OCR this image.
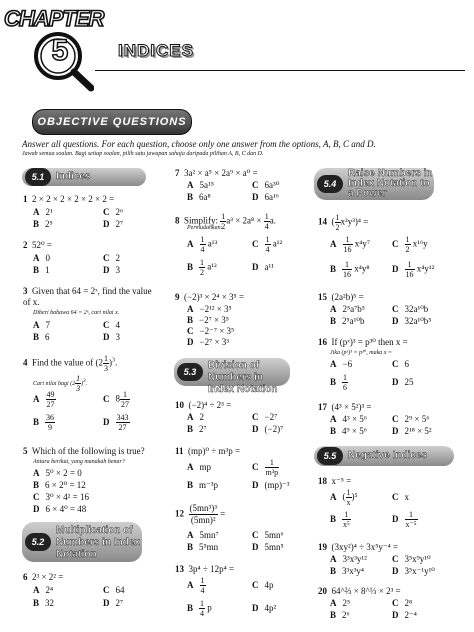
CHAPTER
5	INDICES
OBJECTIVE QUESTIONS
Answer all questions. For each question, choose only one answer from the options, A, B, C and D.
Jawab semua soalan. Bagi setiap soalan, pilih satu jawapan sahaja daripada pilihan A, B, C dan D.
5.1	Indices
1 2 × 2 × 2 × 2 × 2 × 2 =
A 2¹	C 2⁶
B 2⁵	D 2⁷
2 52⁰ =
A 0	C 2
B 1	D 3
3 Given that 64 = 2ˣ, find the value of x.
Diberi bahawa 64 = 2ˣ, cari nilai x.
A 7	C 4
B 6	D 3
4 Find the value of $(2 \frac{1}{3} )^3$.
Cari nilai bagi $(2 \frac{1}{3} )^3$.
A $\frac{49}{27}$	C $8 \frac{1}{27}$
B $\frac{36}{9}$	D $\frac{343}{27}$
5 Which of the following is true?
Antara berikut, yang manakah benar?
A 5⁰ × 2 = 0
B 6 × 2⁰ = 12
C 3⁰ × 4² = 16
D 6 × 4⁰ = 48
5.2
Multiplication of Numbers in Index Notation
6 2³ × 2² =
A 2⁴	C 64
B 32	D 2⁷
7 3a² × a⁵ × 2a⁹ × a⁰ =
A 5a¹⁵	C 6a³⁰
B 6a⁸	D 6a¹⁶
8 Simplify: $\frac{1}{2} a^3 \times 2a^8 \times \frac{1}{4} a$.
Permudahkan:
A $\frac{1}{4} a^{13}$	C $\frac{1}{4} a^{12}$
B $\frac{1}{2} a^{12}$	D a¹¹
9 (−2)³ × 2⁴ × 3⁵ =
A −2¹² × 3⁵
B −2⁷ × 3⁵
C −2⁻⁷ × 3⁵
D −2⁷ × 3³
5.3
Division of Numbers in Index Notation
10 (−2)⁴ ÷ 2³ =
A 2	C −2⁷
B 2⁷	D (−2)⁷
11 (mp)⁰ ÷ m³p =
A mp	C $\frac{1}{\text{m³p}}$
B m⁻³p	D (mp)⁻³
$12 \frac{\text{(5mn³)³}}{\text{(5mn)²}}$ =
A 5mn⁷	C 5mn⁶
B 5⁵mn	D 5mn⁵
13 3p⁴ ÷ 12p⁴ =
A $\frac{1}{4}$	C 4p
B $\frac{1}{4}$ p	D 4p²
5.4
Raise Numbers in Index Notation to a Power
14  ( $\frac{1}{2} x^2y^3)^4$ =
A $\frac{1}{16} x^4y^7$ C $\frac{1}{2} x^{16}y$
B $\frac{1}{16} x^4y^8$ D $\frac{1}{16} x^4y^{12}$
15 (2a²b)⁵ =
A 2⁵a⁷b⁵	C 32a¹⁰b
B 2⁵a¹⁰b	D 32a¹⁰b⁵
16 If (pˣ)³ = p³⁰ then x =
Jika (pˣ)³ = p³⁰, maka x =
A −6	C 6
B $\frac{1}{6}$	D 25
17 (4³ × 5²)³ =
A 4³ × 5⁶	C 2⁹ × 5⁶
B 4⁹ × 5⁶	D 2¹⁸ × 5²
5.5	Negative Indices
18 x⁻⁵ =
A ( $\frac{1}{x} )^5$	C x
B $\frac{1}{\text{x⁵}}$	D $\frac{1}{\text{x⁻⁵}}$
19 (3xy²)⁴ ÷ 3x⁵y⁻⁴ =
A 3³x³y¹²	C 3⁵x⁹y¹⁰
B 3³x³y⁴	D 3⁵x⁻¹y¹⁰
20 64^⅔ × 8^⅓ × 2³ =
A 2⁵	C 2⁸
B 2⁶	D 2⁻⁴
